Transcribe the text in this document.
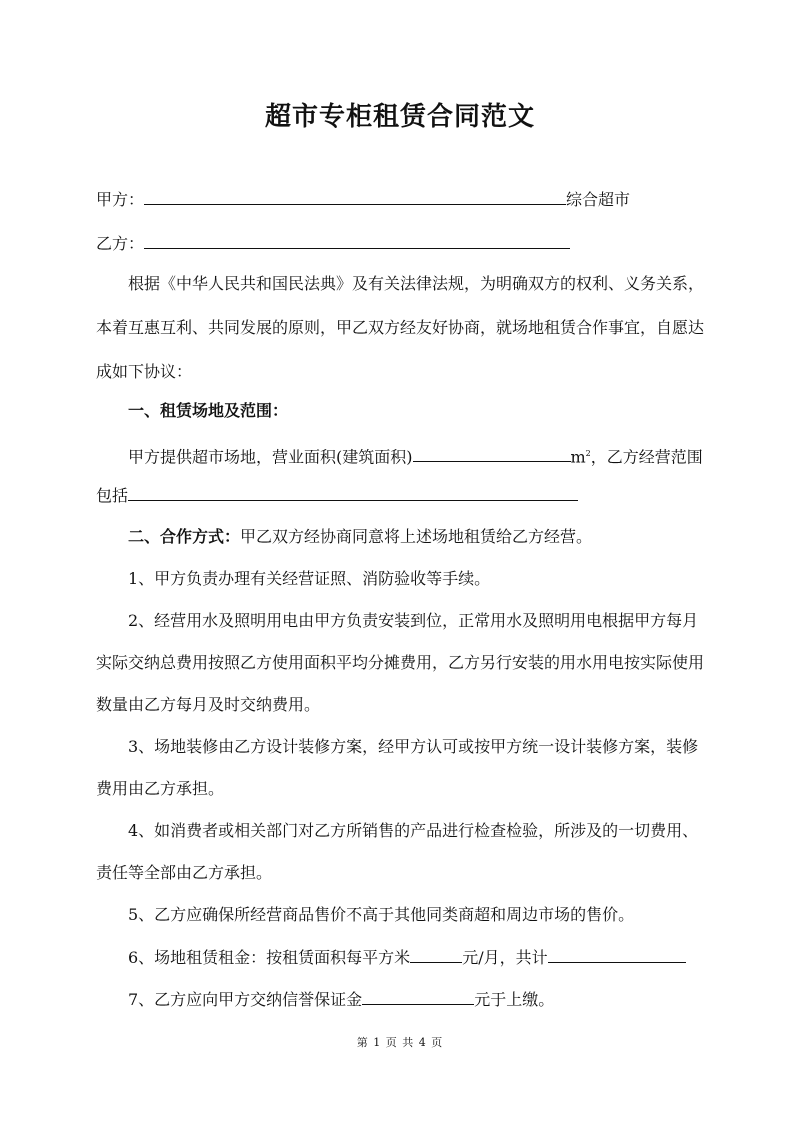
超市专柜租赁合同范文
甲方：	综合超市
乙方：
根据《中华人民共和国民法典》及有关法律法规，为明确双方的权利、义务关系，
本着互惠互利、共同发展的原则，甲乙双方经友好协商，就场地租赁合作事宜，自愿达
成如下协议：
一、租赁场地及范围：
甲方提供超市场地，营业面积(建筑面积)	$m^2$，乙方经营范围
包括
二、合作方式：甲乙双方经协商同意将上述场地租赁给乙方经营。
1、甲方负责办理有关经营证照、消防验收等手续。
2、经营用水及照明用电由甲方负责安装到位，正常用水及照明用电根据甲方每月
实际交纳总费用按照乙方使用面积平均分摊费用，乙方另行安装的用水用电按实际使用
数量由乙方每月及时交纳费用。
3、场地装修由乙方设计装修方案，经甲方认可或按甲方统一设计装修方案，装修
费用由乙方承担。
4、如消费者或相关部门对乙方所销售的产品进行检查检验，所涉及的一切费用、
责任等全部由乙方承担。
5、乙方应确保所经营商品售价不高于其他同类商超和周边市场的售价。
6、场地租赁租金：按租赁面积每平方米	元/月，共计
7、乙方应向甲方交纳信誉保证金	元于上缴。
第 1 页 共 4 页
